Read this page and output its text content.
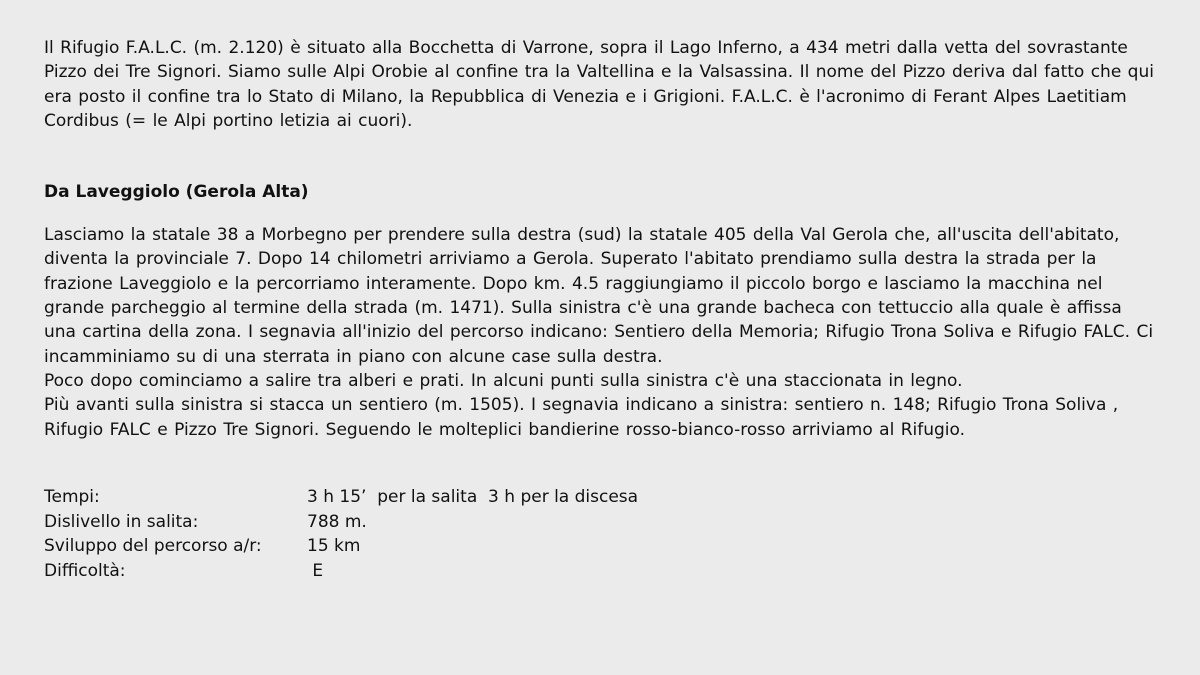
Il Rifugio F.A.L.C. (m. 2.120) è situato alla Bocchetta di Varrone, sopra il Lago Inferno, a 434 metri dalla vetta del sovrastante Pizzo dei Tre Signori. Siamo sulle Alpi Orobie al confine tra la Valtellina e la Valsassina. Il nome del Pizzo deriva dal fatto che qui era posto il confine tra lo Stato di Milano, la Repubblica di Venezia e i Grigioni. F.A.L.C. è l'acronimo di Ferant Alpes Laetitiam Cordibus (= le Alpi portino letizia ai cuori).

Da Laveggiolo (Gerola Alta)

Lasciamo la statale 38 a Morbegno per prendere sulla destra (sud) la statale 405 della Val Gerola che, all'uscita dell'abitato, diventa la provinciale 7. Dopo 14 chilometri arriviamo a Gerola. Superato l'abitato prendiamo sulla destra la strada per la frazione Laveggiolo e la percorriamo interamente. Dopo km. 4.5 raggiungiamo il piccolo borgo e lasciamo la macchina nel grande parcheggio al termine della strada (m. 1471). Sulla sinistra c'è una grande bacheca con tettuccio alla quale è affissa una cartina della zona. I segnavia all'inizio del percorso indicano: Sentiero della Memoria; Rifugio Trona Soliva e Rifugio FALC. Ci incamminiamo su di una sterrata in piano con alcune case sulla destra.

Poco dopo cominciamo a salire tra alberi e prati. In alcuni punti sulla sinistra c'è una staccionata in legno.

Più avanti sulla sinistra si stacca un sentiero (m. 1505). I segnavia indicano a sinistra: sentiero n. 148; Rifugio Trona Soliva , Rifugio FALC e Pizzo Tre Signori. Seguendo le molteplici bandierine rosso-bianco-rosso arriviamo al Rifugio.

Tempi:	3 h 15’  per la salita  3 h per la discesa
Dislivello in salita:	788 m.
Sviluppo del percorso a/r:	15 km
Difficoltà:	E
